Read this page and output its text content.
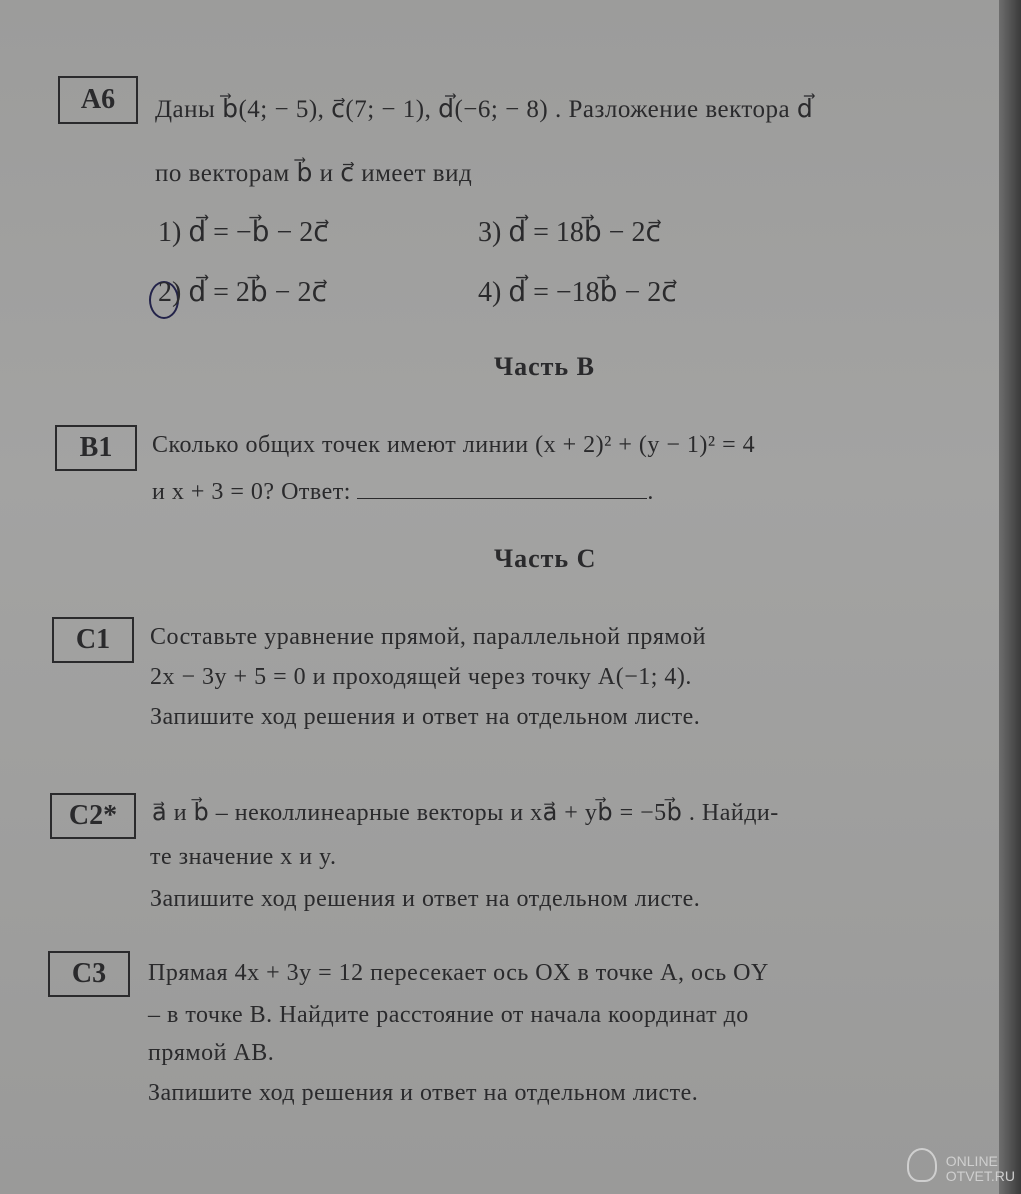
A6	Даны b⃗(4; − 5), c⃗(7; − 1), d⃗(−6; − 8) . Разложение вектора d⃗
по векторам b⃗ и c⃗ имеет вид
1) d⃗ = −b⃗ − 2c⃗
2) d⃗ = 2b⃗ − 2c⃗
3) d⃗ = 18b⃗ − 2c⃗
4) d⃗ = −18b⃗ − 2c⃗
Часть В
B1	Сколько общих точек имеют линии (x + 2)² + (y − 1)² = 4
и x + 3 = 0? Ответ:	.
Часть С
C1	Составьте уравнение прямой, параллельной прямой
2x − 3y + 5 = 0 и проходящей через точку A(−1; 4).
Запишите ход решения и ответ на отдельном листе.
C2*	a⃗ и b⃗ – неколлинеарные векторы и xa⃗ + yb⃗ = −5b⃗ . Найди-
те значение x и y.
Запишите ход решения и ответ на отдельном листе.
C3	Прямая 4x + 3y = 12 пересекает ось OX в точке A, ось OY
– в точке B. Найдите расстояние от начала координат до
прямой AB.
Запишите ход решения и ответ на отдельном листе.
ONLINE
OTVET.RU
